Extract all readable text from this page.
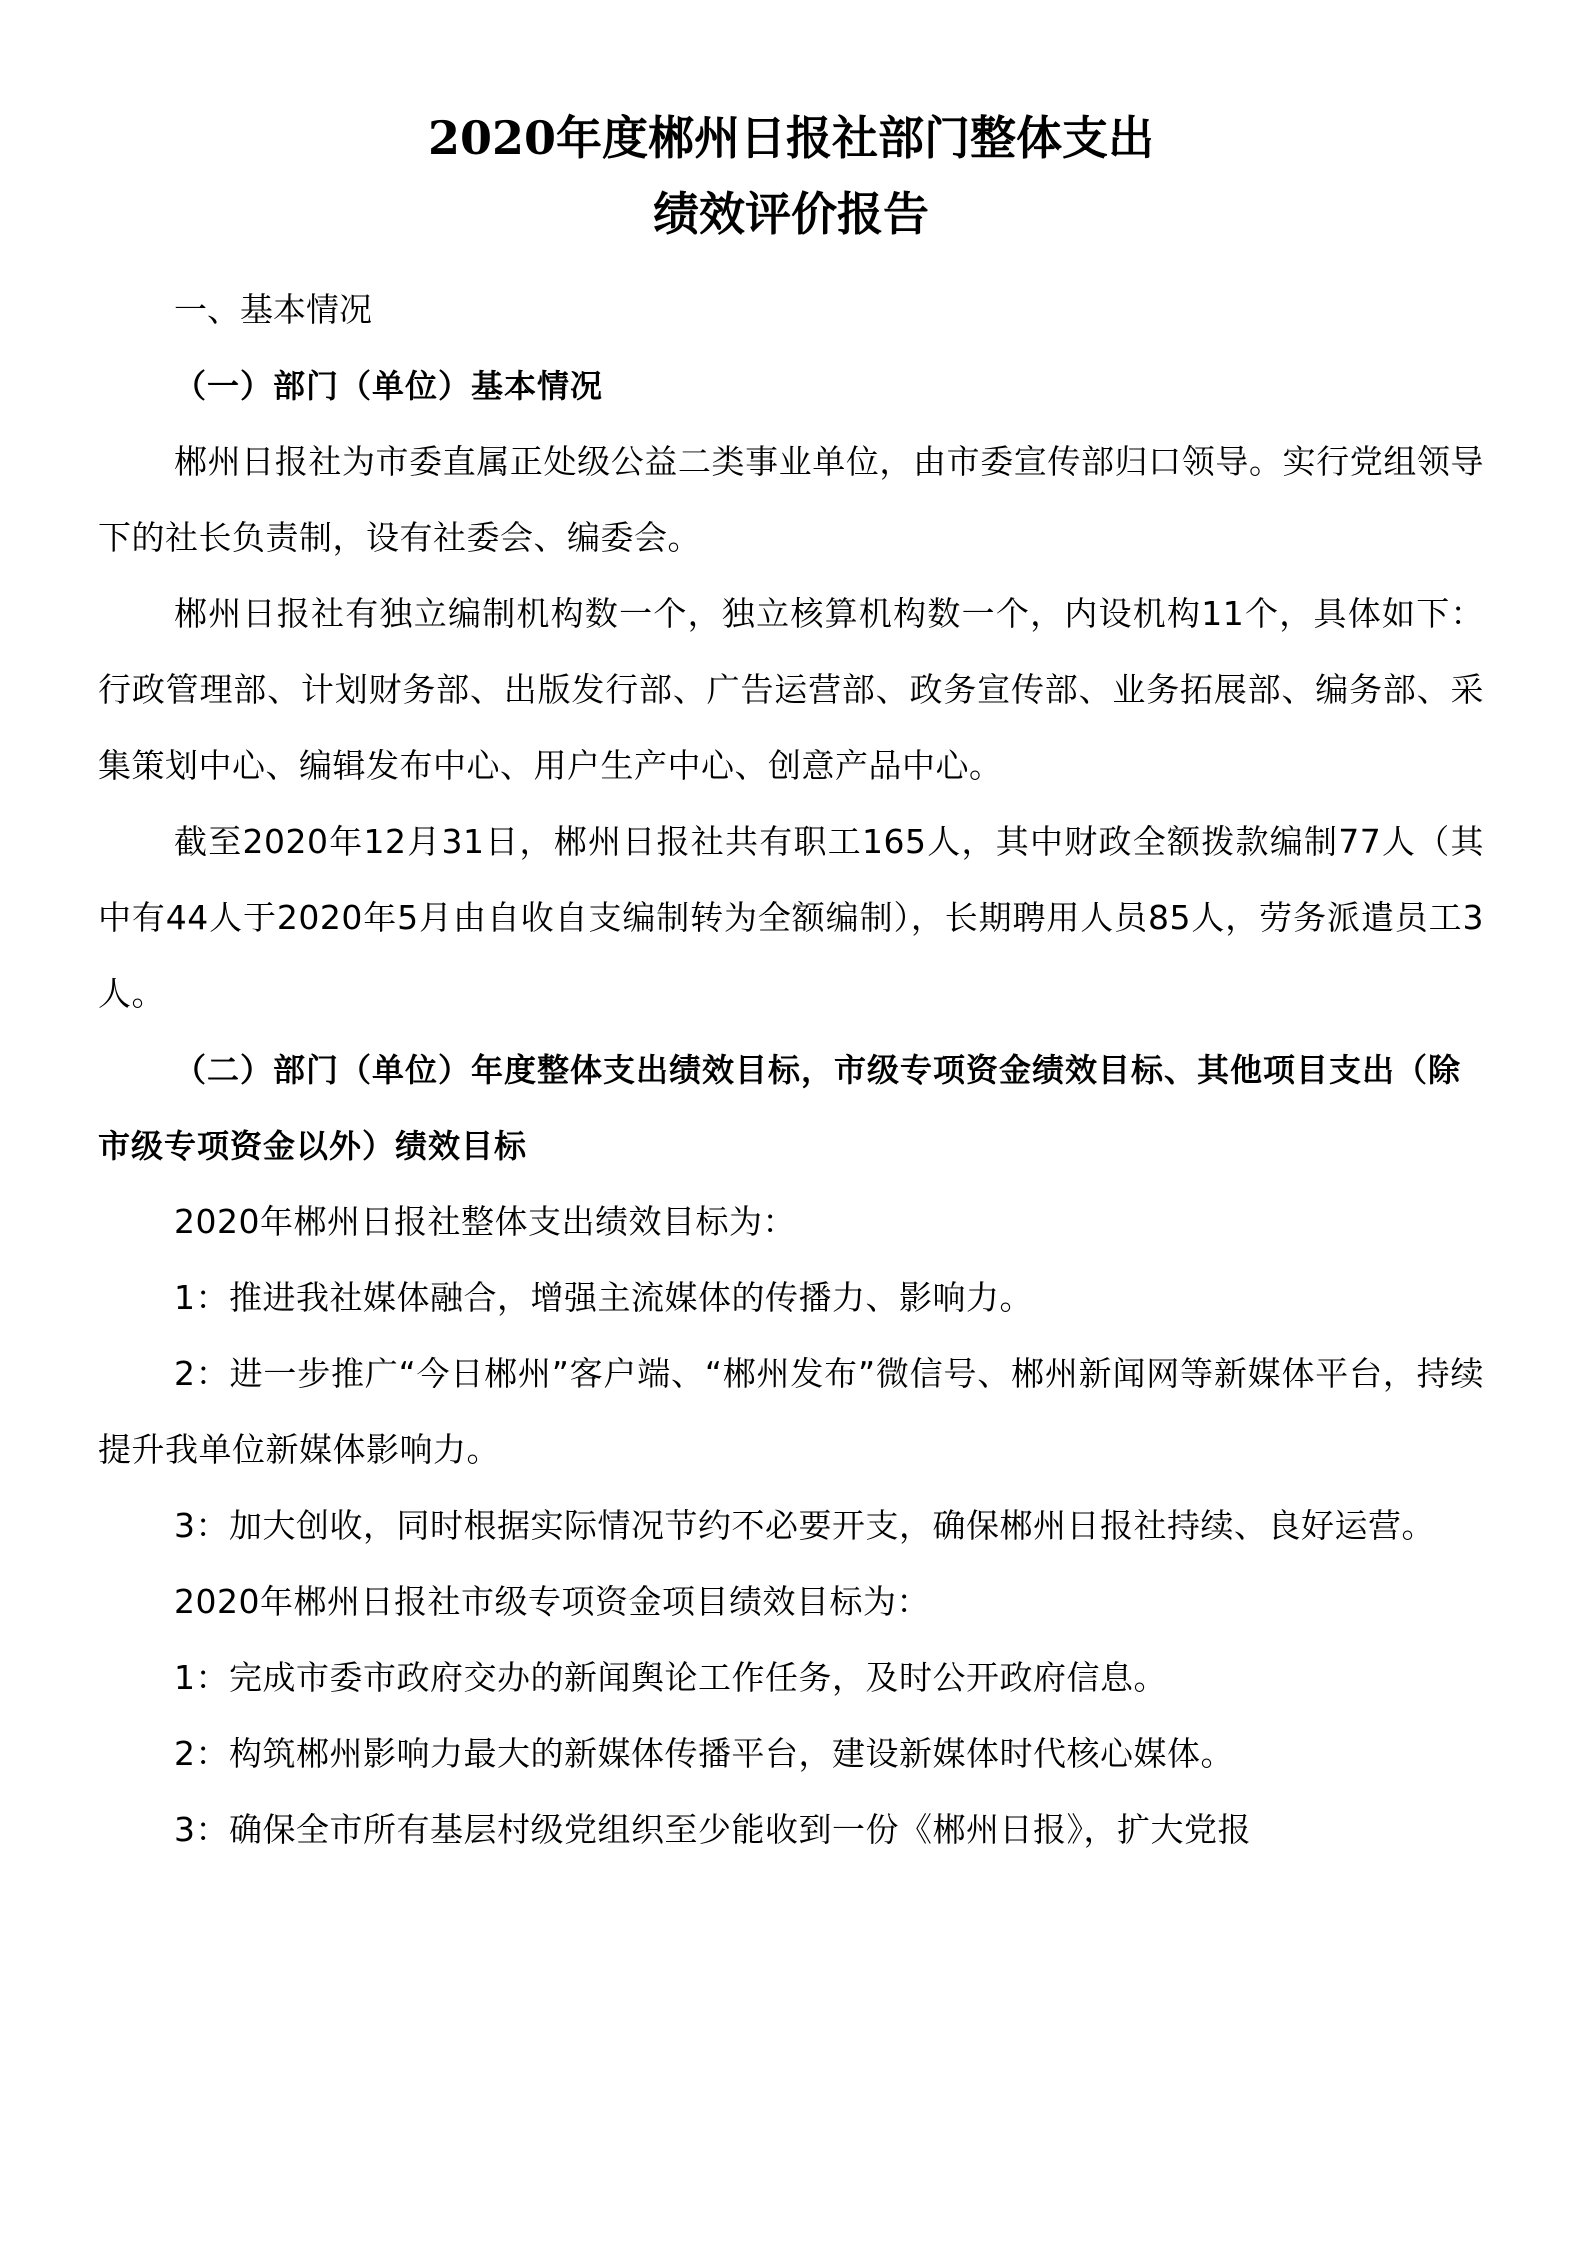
2020年度郴州日报社部门整体支出
绩效评价报告
一、基本情况
（一）部门（单位）基本情况
郴州日报社为市委直属正处级公益二类事业单位，由市委宣传部归口领导。实行党组领导下的社长负责制，设有社委会、编委会。
郴州日报社有独立编制机构数一个，独立核算机构数一个，内设机构11个，具体如下：行政管理部、计划财务部、出版发行部、广告运营部、政务宣传部、业务拓展部、编务部、采集策划中心、编辑发布中心、用户生产中心、创意产品中心。
截至2020年12月31日，郴州日报社共有职工165人，其中财政全额拨款编制77人（其中有44人于2020年5月由自收自支编制转为全额编制），长期聘用人员85人，劳务派遣员工3人。
（二）部门（单位）年度整体支出绩效目标，市级专项资金绩效目标、其他项目支出（除市级专项资金以外）绩效目标
2020年郴州日报社整体支出绩效目标为：
1：推进我社媒体融合，增强主流媒体的传播力、影响力。
2：进一步推广“今日郴州”客户端、“郴州发布”微信号、郴州新闻网等新媒体平台，持续提升我单位新媒体影响力。
3：加大创收，同时根据实际情况节约不必要开支，确保郴州日报社持续、良好运营。
2020年郴州日报社市级专项资金项目绩效目标为：
1：完成市委市政府交办的新闻舆论工作任务，及时公开政府信息。
2：构筑郴州影响力最大的新媒体传播平台，建设新媒体时代核心媒体。
3：确保全市所有基层村级党组织至少能收到一份《郴州日报》，扩大党报
